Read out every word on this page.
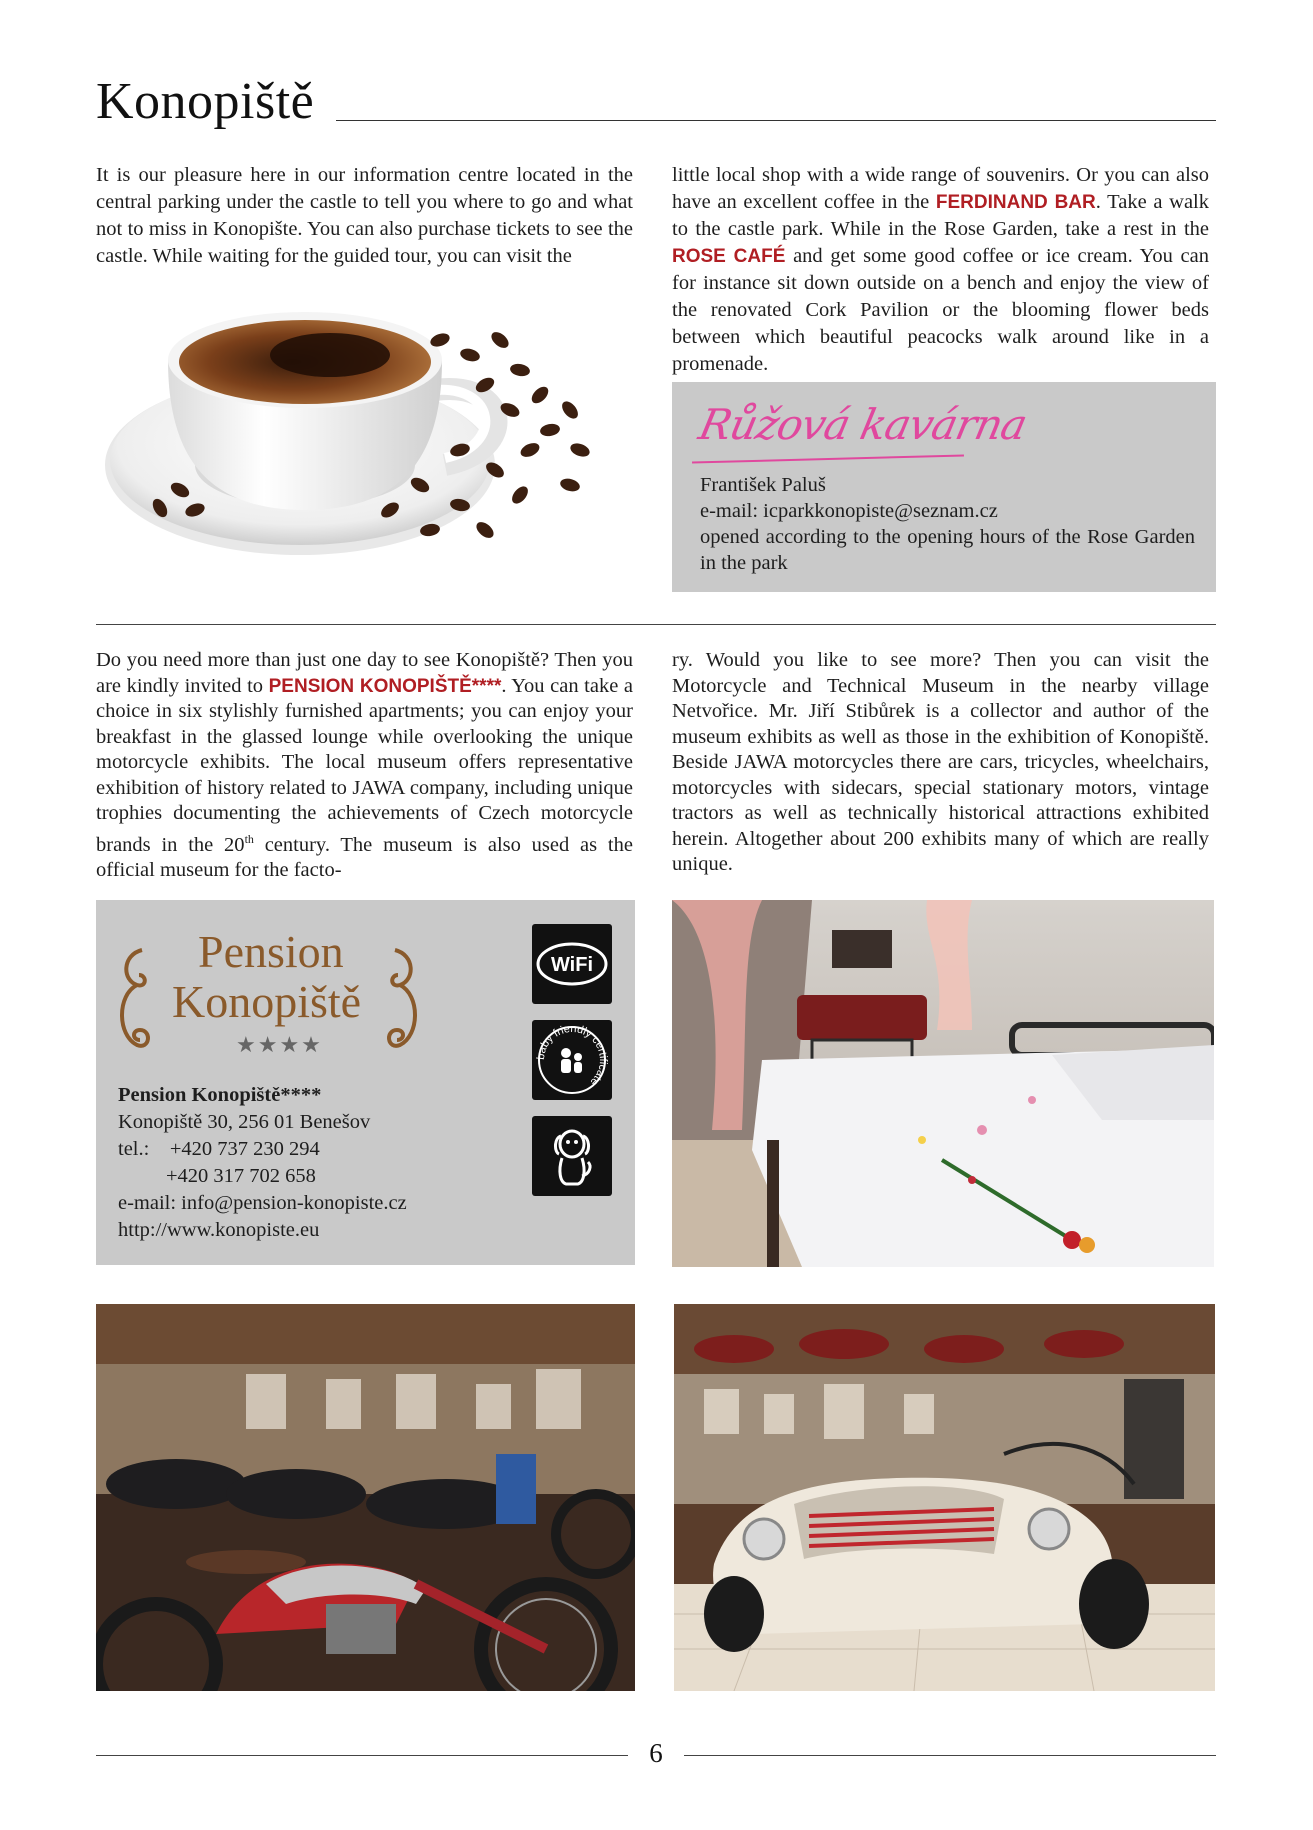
Konopiště

It is our pleasure here in our information centre located in the central parking under the castle to tell you where to go and what not to miss in Konopište. You can also purchase tickets to see the castle. While waiting for the guided tour, you can visit the

little local shop with a wide range of souvenirs. Or you can also have an excellent coffee in the FERDINAND BAR. Take a walk to the castle park. While in the Rose Garden, take a rest in the ROSE CAFÉ and get some good coffee or ice cream. You can for instance sit down outside on a bench and enjoy the view of the renovated Cork Pavilion or the blooming flower beds between which beautiful peacocks walk around like in a promenade.

Růžová kavárna
František Paluš
e-mail: icparkkonopiste@seznam.cz
opened according to the opening hours of the Rose Garden in the park

Do you need more than just one day to see Konopiště? Then you are kindly invited to PENSION KONOPIŠTĚ****. You can take a choice in six stylishly furnished apartments; you can enjoy your breakfast in the glassed lounge while overlooking the unique motorcycle exhibits. The local museum offers representative exhibition of history related to JAWA company, including unique trophies documenting the achievements of Czech motorcycle brands in the 20th century. The museum is also used as the official museum for the facto-

ry. Would you like to see more? Then you can visit the Motorcycle and Technical Museum in the nearby village Netvořice. Mr. Jiří Stibůrek is a collector and author of the museum exhibits as well as those in the exhibition of Konopiště. Beside JAWA motorcycles there are cars, tricycles, wheelchairs, motorcycles with sidecars, special stationary motors, vintage tractors as well as technically historical attractions exhibited herein. Altogether about 200 exhibits many of which are really unique.

Pension
Konopiště
★★★★
Pension Konopiště****
Konopiště 30, 256 01 Benešov
tel.: +420 737 230 294
+420 317 702 658
e-mail: info@pension-konopiste.cz
http://www.konopiste.eu
WiFi
baby friendly certificate
6
